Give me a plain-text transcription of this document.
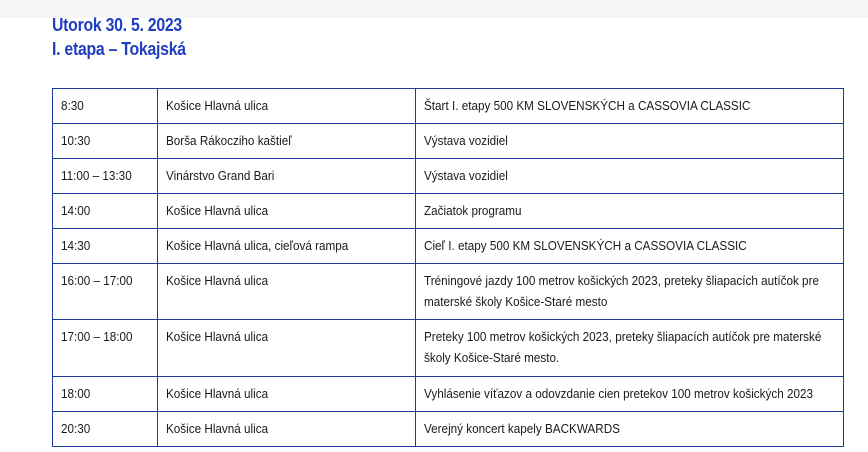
Utorok 30. 5. 2023
I. etapa – Tokajská
8:30	Košice Hlavná ulica	Štart I. etapy 500 KM SLOVENSKÝCH a CASSOVIA CLASSIC

10:30	Borša Rákocziho kaštieľ	Výstava vozidiel

11:00 – 13:30	Vinárstvo Grand Bari	Výstava vozidiel

14:00	Košice Hlavná ulica	Začiatok programu

14:30	Košice Hlavná ulica, cieľová rampa	Cieľ I. etapy 500 KM SLOVENSKÝCH a CASSOVIA CLASSIC

16:00 – 17:00	Košice Hlavná ulica	Tréningové jazdy 100 metrov košických 2023, preteky šliapacích autíčok pre materské školy Košice-Staré mesto

17:00 – 18:00	Košice Hlavná ulica	Preteky 100 metrov košických 2023, preteky šliapacích autíčok pre materské školy Košice-Staré mesto.

18:00	Košice Hlavná ulica	Vyhlásenie víťazov a odovzdanie cien pretekov 100 metrov košických 2023

20:30	Košice Hlavná ulica	Verejný koncert kapely BACKWARDS
